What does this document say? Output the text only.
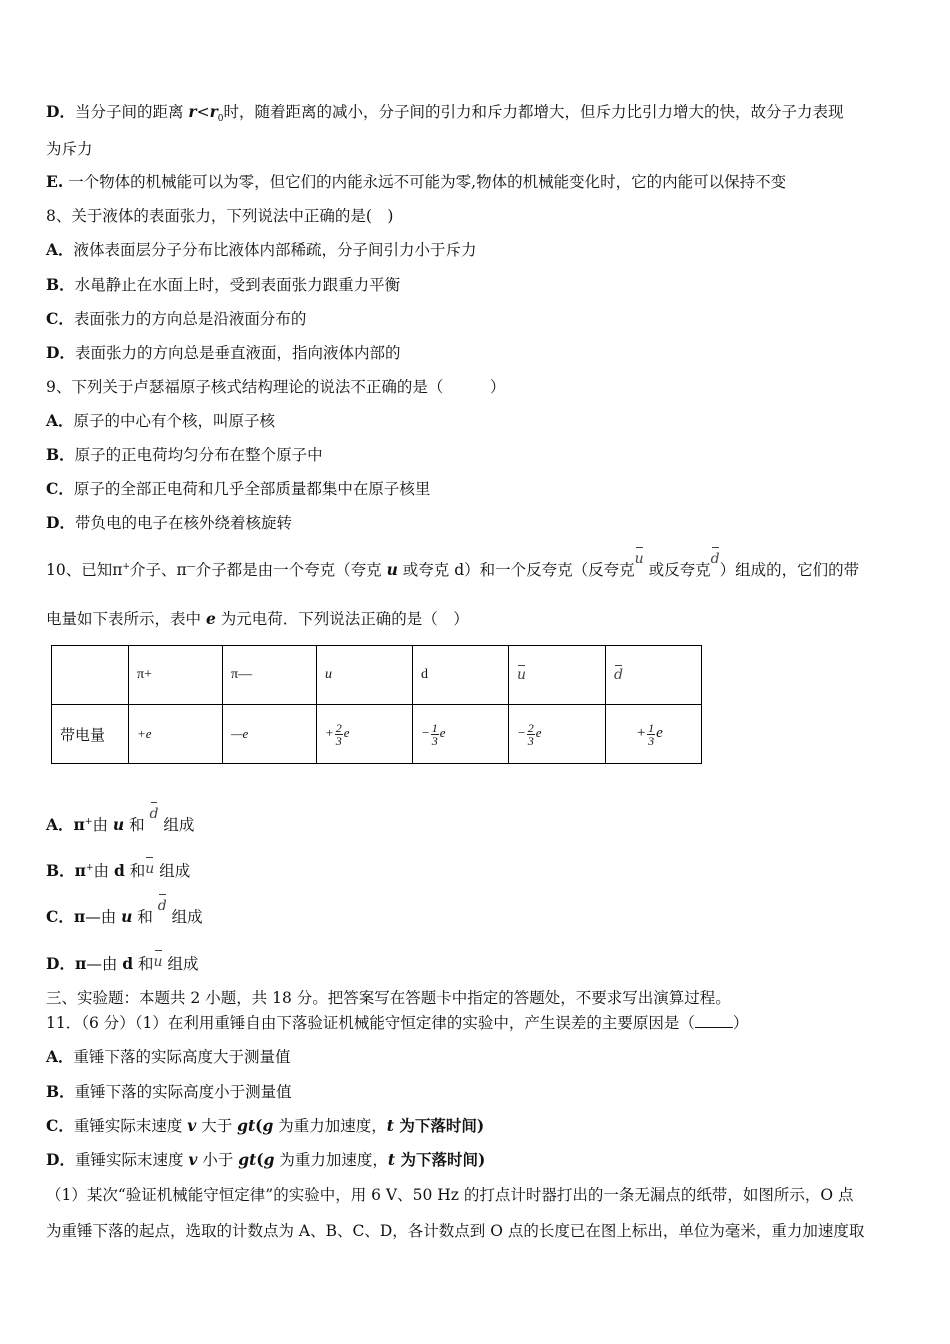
D．当分子间的距离 $r<r_0$时，随着距离的减小，分子间的引力和斥力都增大，但斥力比引力增大的快，故分子力表现
为斥力
E. 一个物体的机械能可以为零，但它们的内能永远不可能为零,物体的机械能变化时，它的内能可以保持不变
8、关于液体的表面张力，下列说法中正确的是(　)
A．液体表面层分子分布比液体内部稀疏，分子间引力小于斥力
B．水黾静止在水面上时，受到表面张力跟重力平衡
C．表面张力的方向总是沿液面分布的
D．表面张力的方向总是垂直液面，指向液体内部的
9、下列关于卢瑟福原子核式结构理论的说法不正确的是（　　　）
A．原子的中心有个核，叫原子核
B．原子的正电荷均匀分布在整个原子中
C．原子的全部正电荷和几乎全部质量都集中在原子核里
D．带负电的电子在核外绕着核旋转
10、已知π+介子、π—介子都是由一个夸克（夸克 u 或夸克 d）和一个反夸克（反夸克u 或反夸克d）组成的，它们的带
电量如下表所示，表中 e 为元电荷．下列说法正确的是（　）
	π+	π—	u	d	u	d
带电量	+e	—e	+ $\frac{2}{3}$ e	− $\frac{1}{3}$ e	− $\frac{2}{3}$ e	+ $\frac{1}{3}$ e
A．π+由 u 和 d 组成
B．π+由 d 和u 组成
C．π—由 u 和 d 组成
D．π—由 d 和u 组成
三、实验题：本题共 2 小题，共 18 分。把答案写在答题卡中指定的答题处，不要求写出演算过程。
11．（6 分）（1）在利用重锤自由下落验证机械能守恒定律的实验中，产生误差的主要原因是（ ）
A．重锤下落的实际高度大于测量值
B．重锤下落的实际高度小于测量值
C．重锤实际末速度 v 大于 gt(g 为重力加速度，t 为下落时间)
D．重锤实际末速度 v 小于 gt(g 为重力加速度，t 为下落时间)
（1）某次“验证机械能守恒定律”的实验中，用 6 V、50 Hz 的打点计时器打出的一条无漏点的纸带，如图所示，O 点
为重锤下落的起点，选取的计数点为 A、B、C、D，各计数点到 O 点的长度已在图上标出，单位为毫米，重力加速度取
